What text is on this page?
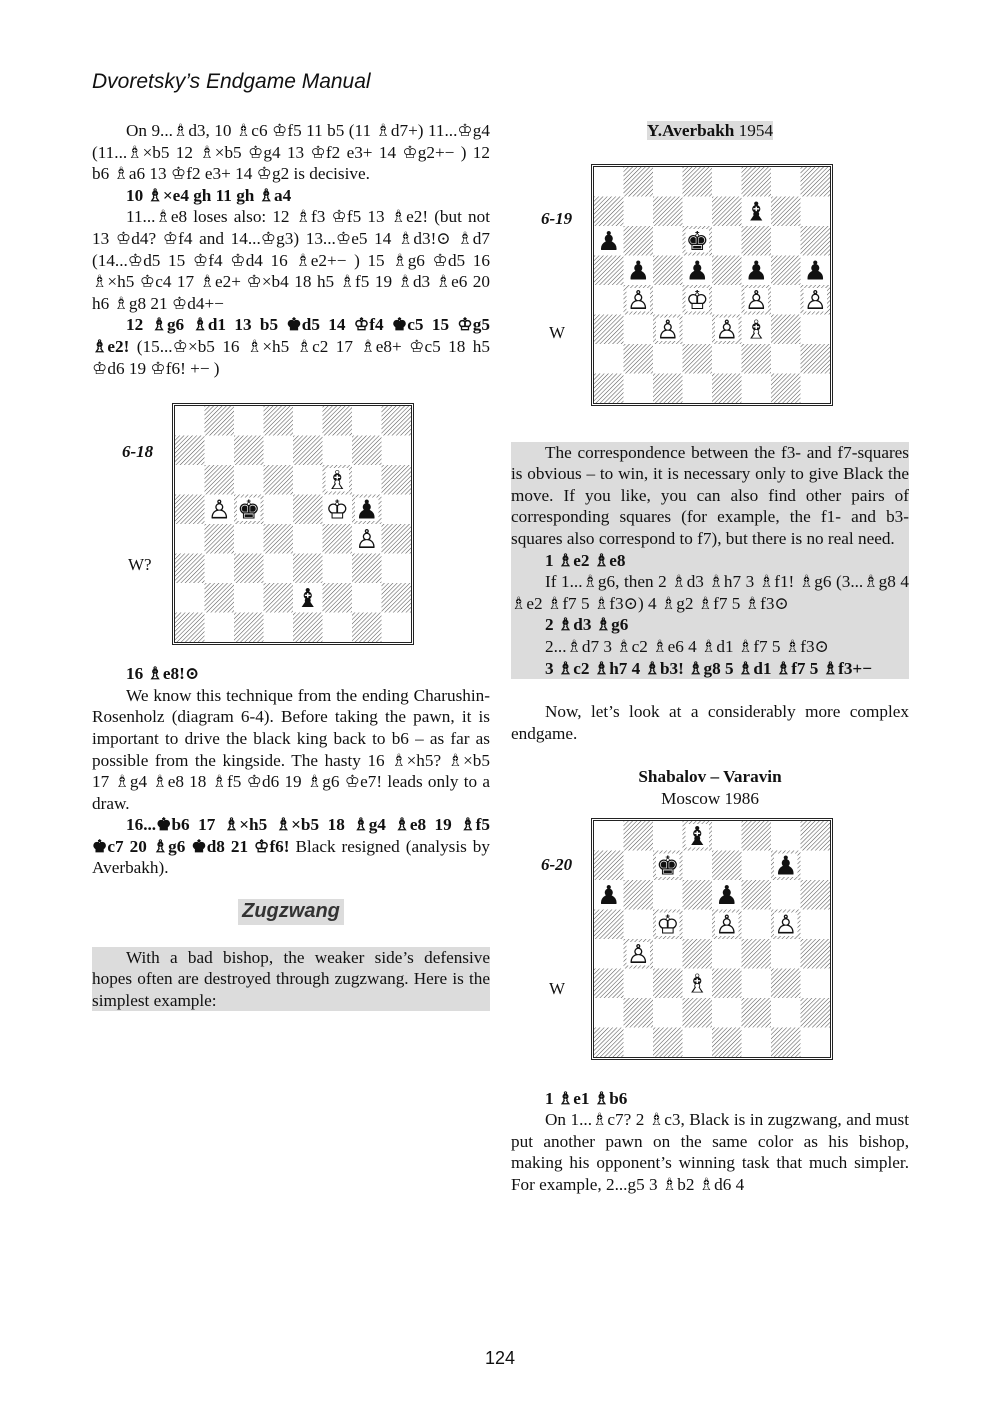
Dvoretsky’s Endgame Manual

On 9...♗d3, 10 ♗c6 ♔f5 11 b5 (11 ♗d7+) 11...♔g4 (11...♗×b5 12 ♗×b5 ♔g4 13 ♔f2 e3+ 14 ♔g2+− ) 12 b6 ♗a6 13 ♔f2 e3+ 14 ♔g2 is decisive.

10 ♗×e4 gh 11 gh ♗a4

11...♗e8 loses also: 12 ♗f3 ♔f5 13 ♗e2! (but not 13 ♔d4? ♔f4 and 14...♔g3) 13...♔e5 14 ♗d3!⊙ ♗d7 (14...♔d5 15 ♔f4 ♔d4 16 ♗e2+− ) 15 ♗g6 ♔d5 16 ♗×h5 ♔c4 17 ♗e2+ ♔×b4 18 h5 ♗f5 19 ♗d3 ♗e6 20 h6 ♗g8 21 ♔d4+−

12 ♗g6 ♗d1 13 b5 ♚d5 14 ♔f4 ♚c5 15 ♔g5 ♗e2! (15...♔×b5 16 ♗×h5 ♗c2 17 ♗e8+ ♔c5 18 h5 ♔d6 19 ♔f6! +− )

6-18
W?
♗
♙ ♚	♔ ♟
♙
♝

16 ♗e8!⊙

We know this technique from the ending Charushin-Rosenholz (diagram 6-4). Before taking the pawn, it is important to drive the black king back to b6 – as far as possible from the kingside. The hasty 16 ♗×h5? ♗×b5 17 ♗g4 ♗e8 18 ♗f5 ♔d6 19 ♗g6 ♔e7! leads only to a draw.

16...♚b6 17 ♗×h5 ♗×b5 18 ♗g4 ♗e8 19 ♗f5 ♚c7 20 ♗g6 ♚d8 21 ♔f6! Black resigned (analysis by Averbakh).

Zugzwang

With a bad bishop, the weaker side’s defensive hopes often are destroyed through zugzwang. Here is the simplest example:

Y.Averbakh 1954

6-19
W
♝
♟	♚
♟ ♟ ♟ ♟
♙ ♔ ♙ ♙
♙ ♙ ♗

The correspondence between the f3- and f7-squares is obvious – to win, it is necessary only to give Black the move. If you like, you can also find other pairs of corresponding squares (for example, the f1- and b3-squares also correspond to f7), but there is no real need.

1 ♗e2 ♗e8

If 1...♗g6, then 2 ♗d3 ♗h7 3 ♗f1! ♗g6 (3...♗g8 4 ♗e2 ♗f7 5 ♗f3⊙) 4 ♗g2 ♗f7 5 ♗f3⊙

2 ♗d3 ♗g6

2...♗d7 3 ♗c2 ♗e6 4 ♗d1 ♗f7 5 ♗f3⊙

3 ♗c2 ♗h7 4 ♗b3! ♗g8 5 ♗d1 ♗f7 5 ♗f3+−

Now, let’s look at a considerably more complex endgame.

Shabalov – Varavin

Moscow 1986

6-20
W
♝
♚	♟
♟	♟
♔ ♙ ♙
♙
♗

1 ♗e1 ♗b6

On 1...♗c7? 2 ♗c3, Black is in zugzwang, and must put another pawn on the same color as his bishop, making his opponent’s winning task that much simpler. For example, 2...g5 3 ♗b2 ♗d6 4

124
